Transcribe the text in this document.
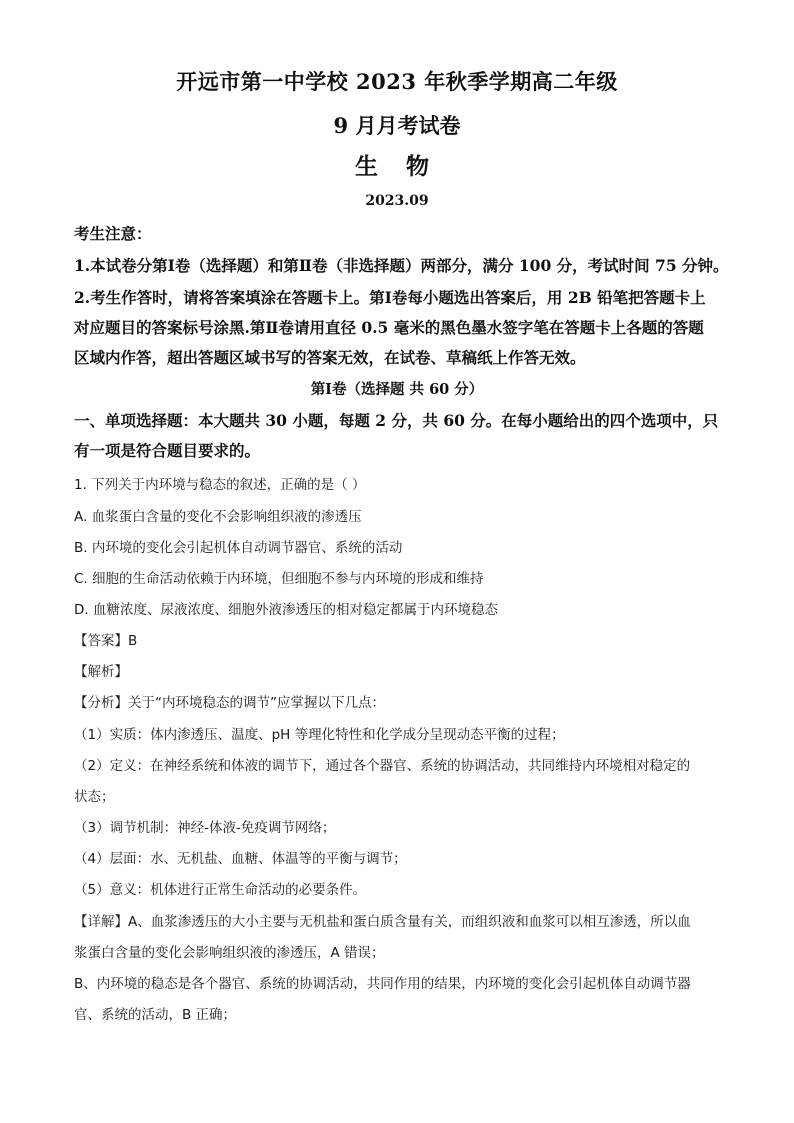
开远市第一中学校 2023 年秋季学期高二年级
9 月月考试卷
生 物
2023.09
考生注意：
1.本试卷分第Ⅰ卷（选择题）和第Ⅱ卷（非选择题）两部分，满分 100 分，考试时间 75 分钟。
2.考生作答时，请将答案填涂在答题卡上。第Ⅰ卷每小题选出答案后，用 2B 铅笔把答题卡上
对应题目的答案标号涂黑.第Ⅱ卷请用直径 0.5 毫米的黑色墨水签字笔在答题卡上各题的答题
区域内作答，超出答题区域书写的答案无效，在试卷、草稿纸上作答无效。
第Ⅰ卷（选择题 共 60 分）
一、单项选择题：本大题共 30 小题，每题 2 分，共 60 分。在每小题给出的四个选项中，只
有一项是符合题目要求的。
1. 下列关于内环境与稳态的叙述，正确的是（ ）
A. 血浆蛋白含量的变化不会影响组织液的渗透压
B. 内环境的变化会引起机体自动调节器官、系统的活动
C. 细胞的生命活动依赖于内环境，但细胞不参与内环境的形成和维持
D. 血糖浓度、尿液浓度、细胞外液渗透压的相对稳定都属于内环境稳态
【答案】B
【解析】
【分析】关于“内环境稳态的调节”应掌握以下几点：
（1）实质：体内渗透压、温度、pH 等理化特性和化学成分呈现动态平衡的过程；
（2）定义：在神经系统和体液的调节下，通过各个器官、系统的协调活动，共同维持内环境相对稳定的
状态；
（3）调节机制：神经-体液-免疫调节网络；
（4）层面：水、无机盐、血糖、体温等的平衡与调节；
（5）意义：机体进行正常生命活动的必要条件。
【详解】A、血浆渗透压的大小主要与无机盐和蛋白质含量有关，而组织液和血浆可以相互渗透，所以血
浆蛋白含量的变化会影响组织液的渗透压，A 错误；
B、内环境的稳态是各个器官、系统的协调活动，共同作用的结果，内环境的变化会引起机体自动调节器
官、系统的活动，B 正确；
